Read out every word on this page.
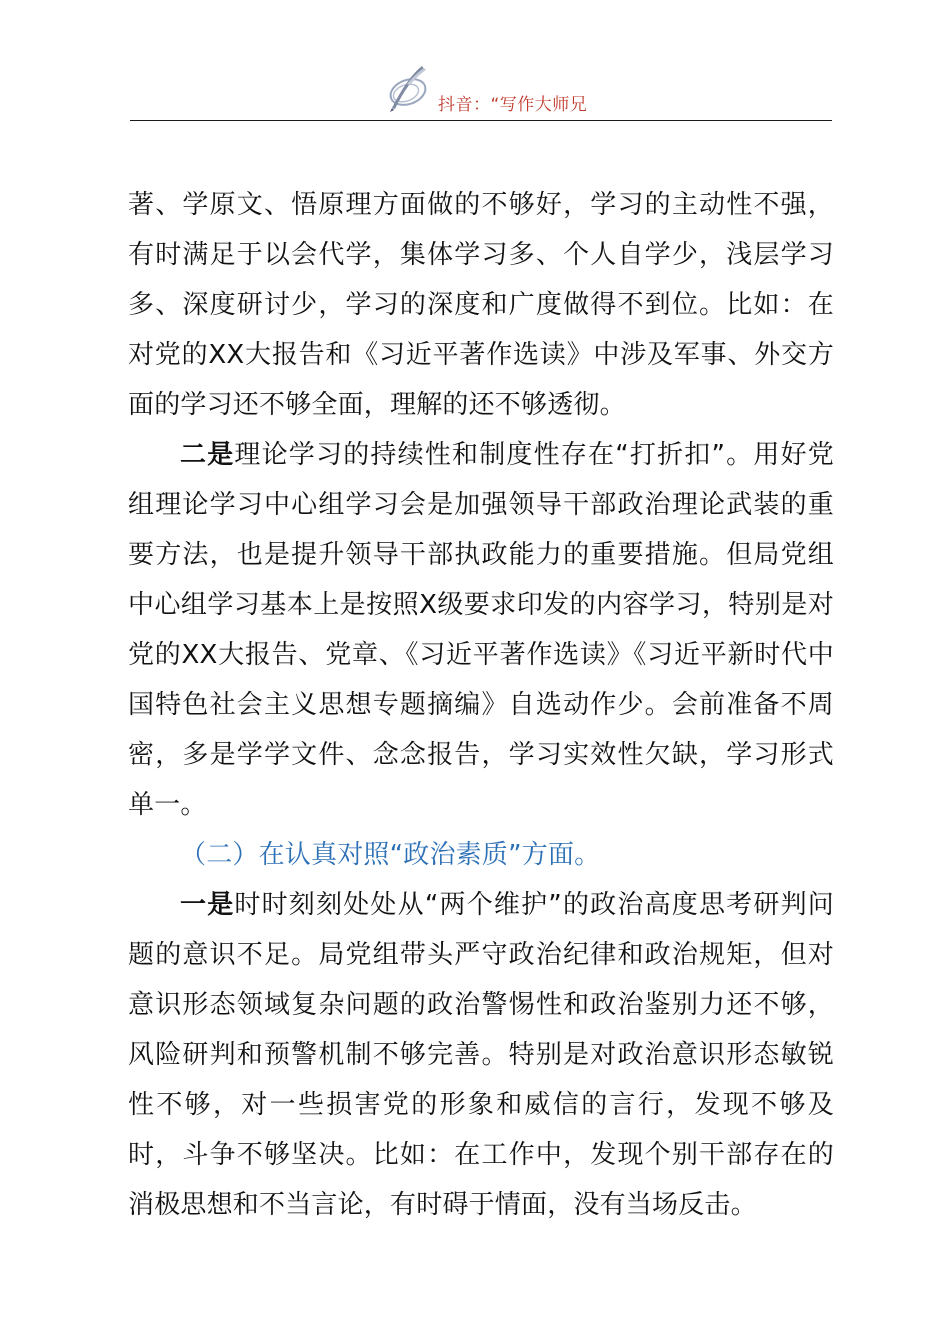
抖音：“写作大师兄

著、学原文、悟原理方面做的不够好，学习的主动性不强，有时满足于以会代学，集体学习多、个人自学少，浅层学习多、深度研讨少，学习的深度和广度做得不到位。比如：在对党的XX大报告和《习近平著作选读》中涉及军事、外交方面的学习还不够全面，理解的还不够透彻。

二是理论学习的持续性和制度性存在“打折扣”。用好党组理论学习中心组学习会是加强领导干部政治理论武装的重要方法，也是提升领导干部执政能力的重要措施。但局党组中心组学习基本上是按照X级要求印发的内容学习，特别是对党的XX大报告、党章、《习近平著作选读》《习近平新时代中国特色社会主义思想专题摘编》自选动作少。会前准备不周密，多是学学文件、念念报告，学习实效性欠缺，学习形式单一。

（二）在认真对照“政治素质”方面。

一是时时刻刻处处从“两个维护”的政治高度思考研判问题的意识不足。局党组带头严守政治纪律和政治规矩，但对意识形态领域复杂问题的政治警惕性和政治鉴别力还不够，风险研判和预警机制不够完善。特别是对政治意识形态敏锐性不够，对一些损害党的形象和威信的言行，发现不够及时，斗争不够坚决。比如：在工作中，发现个别干部存在的消极思想和不当言论，有时碍于情面，没有当场反击。
